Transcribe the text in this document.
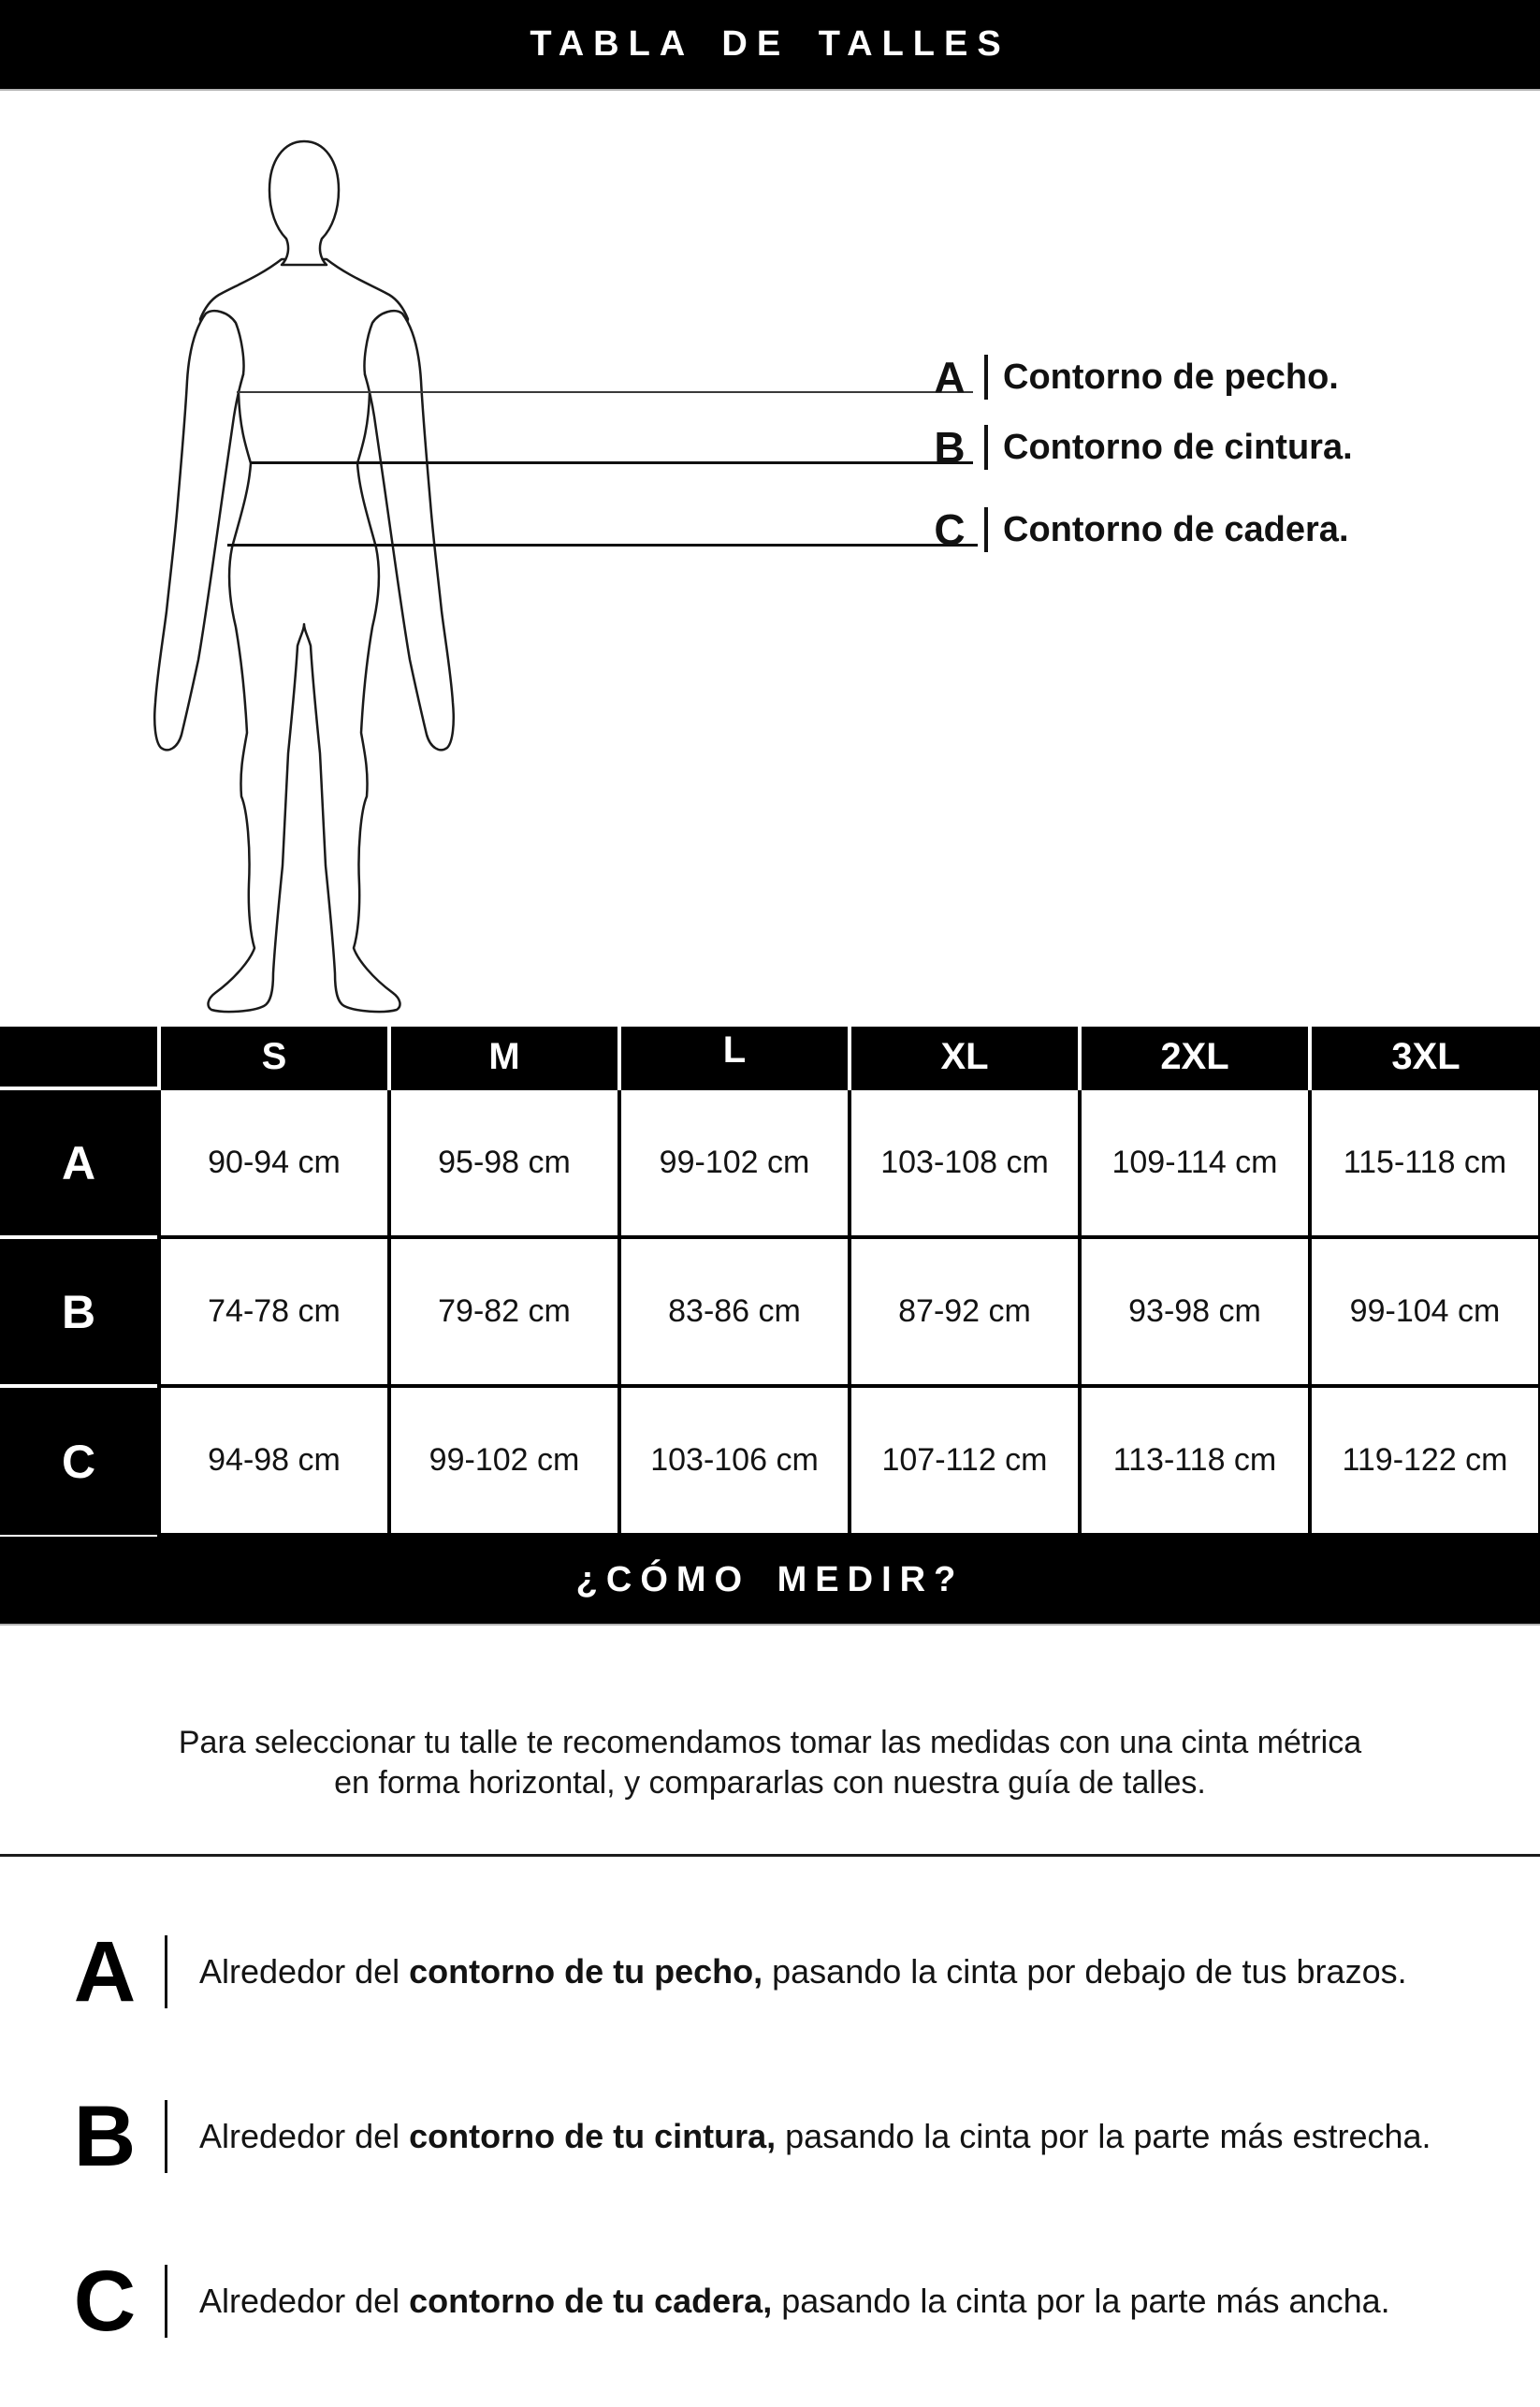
TABLA DE TALLES
A Contorno de pecho.
B Contorno de cintura.
C Contorno de cadera.
	S	M	L	XL	2XL	3XL
A	90-94 cm	95-98 cm	99-102 cm	103-108 cm	109-114 cm	115-118 cm
B	74-78 cm	79-82 cm	83-86 cm	87-92 cm	93-98 cm	99-104 cm
C	94-98 cm	99-102 cm	103-106 cm	107-112 cm	113-118 cm	119-122 cm
¿CÓMO MEDIR?

Para seleccionar tu talle te recomendamos tomar las medidas con una cinta métrica
en forma horizontal, y compararlas con nuestra guía de talles.

A	Alrededor del contorno de tu pecho, pasando la cinta por debajo de tus brazos.
B	Alrededor del contorno de tu cintura, pasando la cinta por la parte más estrecha.
C	Alrededor del contorno de tu cadera, pasando la cinta por la parte más ancha.
